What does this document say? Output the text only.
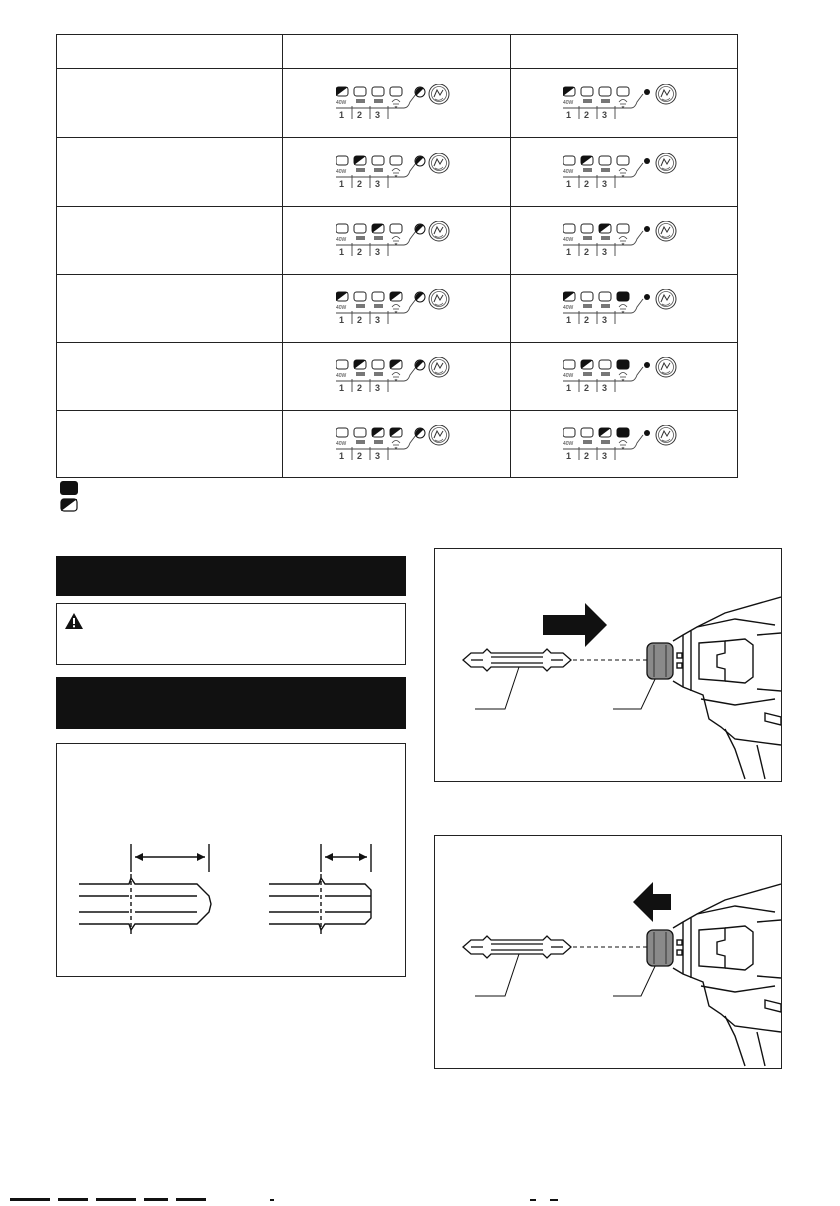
40W
1 2 3
40W
1 2 3
40W
1 2 3
40W
1 2 3
40W
1 2 3
40W
1 2 3
40W
1 2 3
40W
1 2 3
40W
1 2 3
40W
1 2 3
40W
1 2 3
40W
1 2 3
